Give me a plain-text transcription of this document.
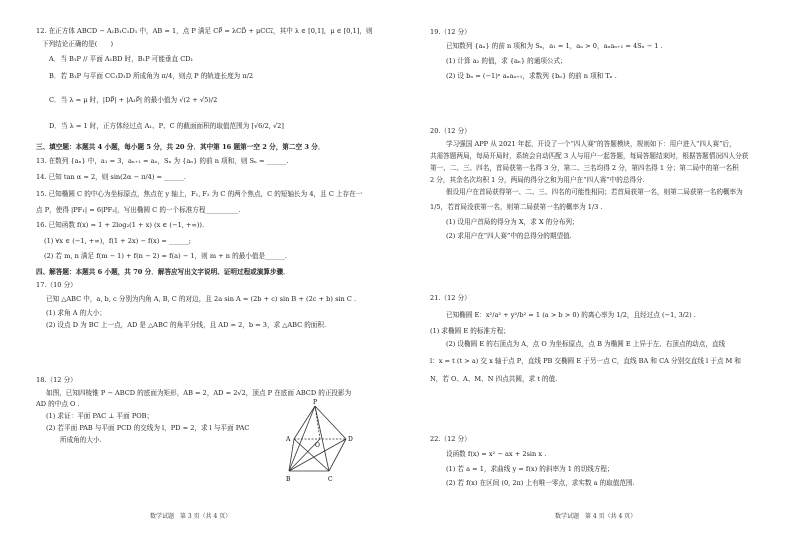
12. 在正方体 ABCD − A₁B₁C₁D₁ 中，AB = 1，点 P 满足 CP⃗ = λCD⃗ + μCC₁⃗，其中 λ ∈ [0,1]，μ ∈ [0,1]，则
下列结论正确的是(　　)
A．当 B₁P // 平面 A₁BD 时，B₁P 可能垂直 CD₁
B．若 B₁P 与平面 CC₁D₁D 所成角为 π/4，则点 P 的轨迹长度为 π/2
C．当 λ = μ 时，|DP⃗| + |A₁P⃗| 的最小值为 √(2 + √5)/2
D．当 λ = 1 时，正方体经过点 A₁、P、C 的截面面积的取值范围为 [√6/2, √2]
三、填空题：本题共 4 小题，每小题 5 分，共 20 分．其中第 16 题第一空 2 分，第二空 3 分．
13. 在数列 {aₙ} 中，a₁ = 3，aₙ₊₁ = aₙ，Sₙ 为 {aₙ} 的前 n 项和，则 Sₙ = ______.
14. 已知 tan α = 2，则 sin(2α − π/4) = ______.
15. 已知椭圆 C 的中心为坐标原点，焦点在 y 轴上，F₁, F₂ 为 C 的两个焦点，C 的短轴长为 4，且 C 上存在一
点 P，使得 |PF₁| = 6|PF₂|，写出椭圆 C 的一个标准方程__________.
16. 已知函数 f(x) = 1 + 2log₂(1 + x) (x ∈ (−1, +∞)).
(1) ∀x ∈ (−1, +∞)，f(1 + 2x) − f(x) = ______;
(2) 若 m, n 满足 f(m − 1) + f(n − 2) = f(a) − 1，则 m + n 的最小值是______.
四、解答题：本题共 6 小题，共 70 分．解答应写出文字说明、证明过程或演算步骤．
17.（10 分）
已知 △ABC 中，a, b, c 分别为内角 A, B, C 的对边，且 2a sin A = (2b + c) sin B + (2c + b) sin C .
(1) 求角 A 的大小；
(2) 设点 D 为 BC 上一点，AD 是 △ABC 的角平分线，且 AD = 2，b = 3，求 △ABC 的面积.
18.（12 分）
如图，已知四棱锥 P − ABCD 的底面为矩形，AB = 2，AD = 2√2，顶点 P 在底面 ABCD 的正投影为
AD 的中点 O .
(1) 求证：平面 PAC ⊥ 平面 POB；
(2) 若平面 PAB 与平面 PCD 的交线为 l，PD = 2，求 l 与平面 PAC
所成角的大小.
P
A
B	C
D
O
数学试题　第 3 页（共 4 页）
19.（12 分）
已知数列 {aₙ} 的前 n 项和为 Sₙ，a₁ = 1，aₙ > 0，aₙaₙ₊₁ = 4Sₙ − 1 .
(1) 计算 a₂ 的值，求 {aₙ} 的通项公式；
(2) 设 bₙ = (−1)ⁿ aₙaₙ₊₁，求数列 {bₙ} 的前 n 项和 Tₙ .
20.（12 分）
学习强国 APP 从 2021 年起，开设了一个“四人赛”的答题模块，规则如下：用户进入“四人赛”后，
共需答题两局，每局开局时，系统会自动匹配 3 人与用户一起答题，每局答题结束时，根据答题情况四人分获
第一、二、三、四名，首局获第一名得 3 分，第二、三名均得 2 分，第四名得 1 分；第二局中的第一名积
2 分，其余名次均积 1 分，两局的得分之和为用户在“四人赛”中的总得分.
假设用户在首局获得第一、二、三、四名的可能性相同；若首局获第一名，则第二局获第一名的概率为
1/5，若首局没获第一名，则第二局获第一名的概率为 1/3 .
(1) 设用户首局的得分为 X，求 X 的分布列；
(2) 求用户在“四人赛”中的总得分的期望值.
21.（12 分）
已知椭圆 E：x²/a² + y²/b² = 1 (a > b > 0) 的离心率为 1/2，且经过点 (−1, 3/2) .
(1) 求椭圆 E 的标准方程；
(2) 设椭圆 E 的右顶点为 A，点 O 为坐标原点，点 B 为椭圆 E 上异于左、右顶点的动点，直线
l：x = t (t > a) 交 x 轴于点 P，直线 PB 交椭圆 E 于另一点 C，直线 BA 和 CA 分别交直线 l 于点 M 和
N，若 O、A、M、N 四点共圆，求 t 的值.
22.（12 分）
设函数 f(x) = x² − ax + 2sin x .
(1) 若 a = 1，求曲线 y = f(x) 的斜率为 1 的切线方程；
(2) 若 f(x) 在区间 (0, 2π) 上有唯一零点，求实数 a 的取值范围.
数学试题　第 4 页（共 4 页）
